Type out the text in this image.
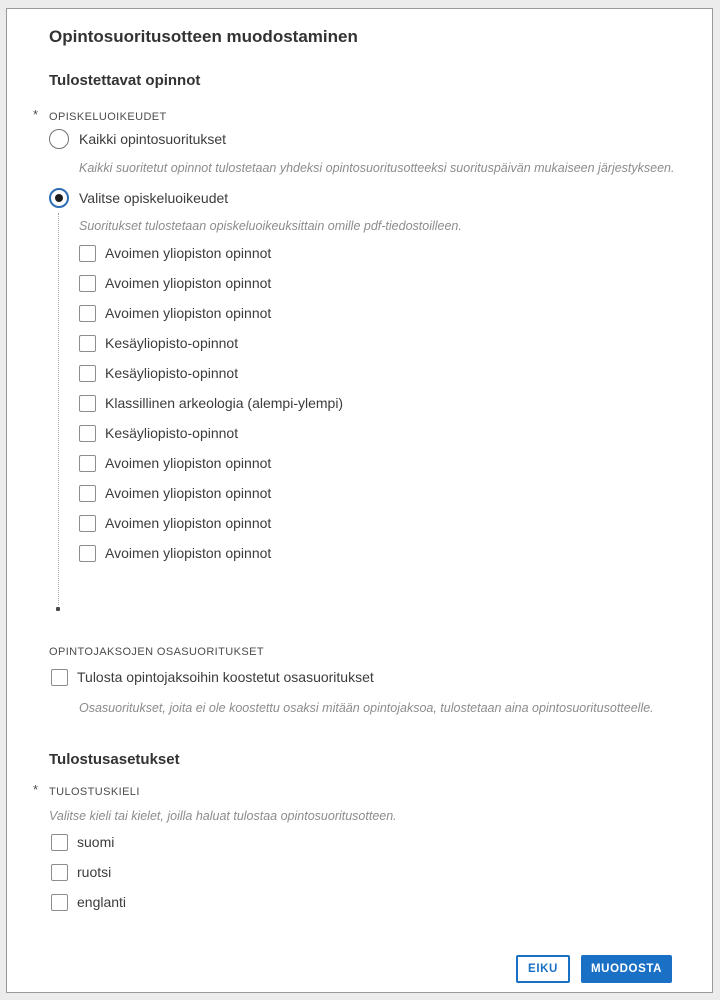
Opintosuoritusotteen muodostaminen
Tulostettavat opinnot
* OPISKELUOIKEUDET
Kaikki opintosuoritukset
Kaikki suoritetut opinnot tulostetaan yhdeksi opintosuoritusotteeksi suorituspäivän mukaiseen järjestykseen.
Valitse opiskeluoikeudet
Suoritukset tulostetaan opiskeluoikeuksittain omille pdf-tiedostoilleen.
Avoimen yliopiston opinnot
Avoimen yliopiston opinnot
Avoimen yliopiston opinnot
Kesäyliopisto-opinnot
Kesäyliopisto-opinnot
Klassillinen arkeologia (alempi-ylempi)
Kesäyliopisto-opinnot
Avoimen yliopiston opinnot
Avoimen yliopiston opinnot
Avoimen yliopiston opinnot
Avoimen yliopiston opinnot
OPINTOJAKSOJEN OSASUORITUKSET
Tulosta opintojaksoihin koostetut osasuoritukset
Osasuoritukset, joita ei ole koostettu osaksi mitään opintojaksoa, tulostetaan aina opintosuoritusotteelle.
Tulostusasetukset
* TULOSTUSKIELI
Valitse kieli tai kielet, joilla haluat tulostaa opintosuoritusotteen.
suomi
ruotsi
englanti
EIKU	MUODOSTA
